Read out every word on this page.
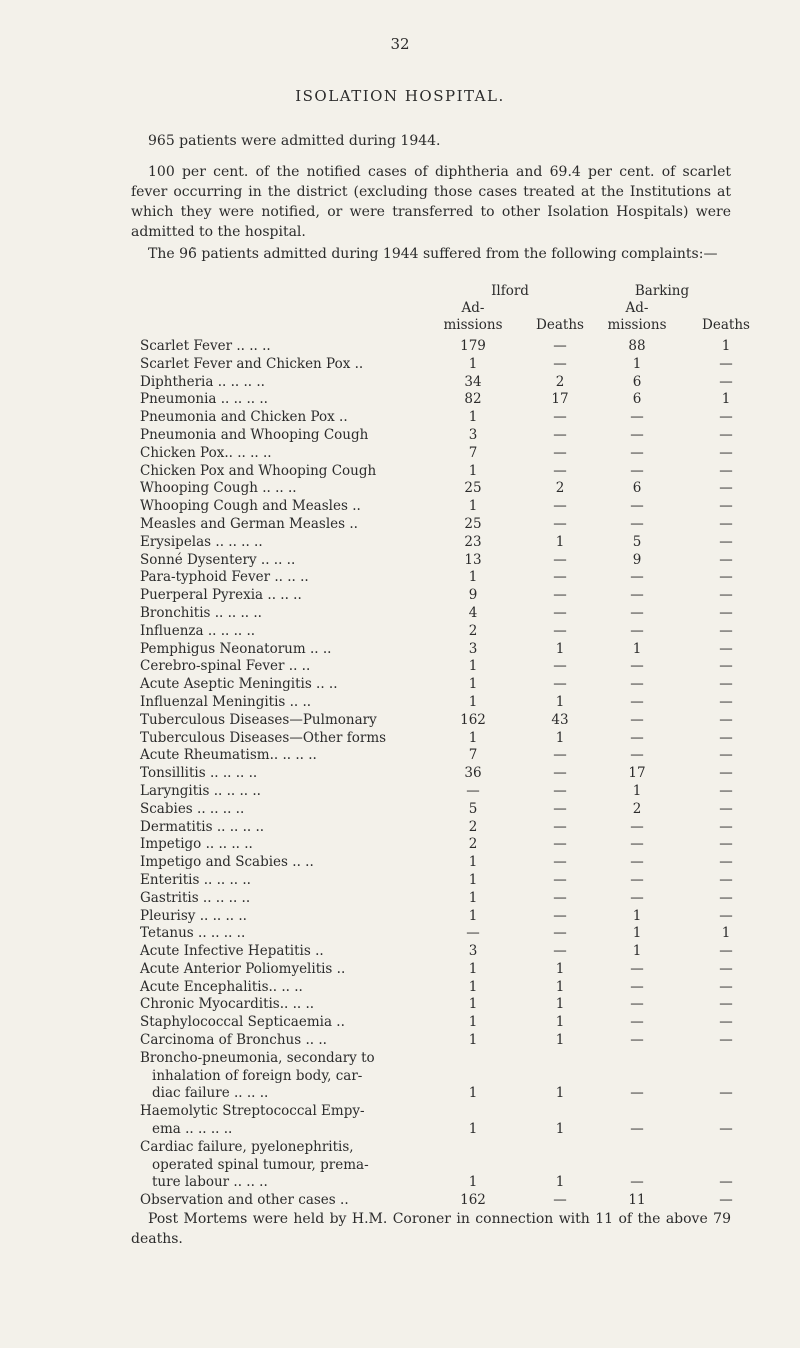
32
ISOLATION HOSPITAL.
965 patients were admitted during 1944.
100 per cent. of the notified cases of diphtheria and 69.4 per cent. of scarlet fever occurring in the district (excluding those cases treated at the Institutions at which they were notified, or were transferred to other Isolation Hospitals) were admitted to the hospital.
The 96̀ patients admitted during 1944 suffered from the following complaints:—
Ilford	Barking
Ad-
missions
	Deaths
Ad-
missions
	Deaths
Scarlet Fever .. .. ..	179	—	88	1
Scarlet Fever and Chicken Pox ..	1	—	1	—
Diphtheria .. .. .. ..	34	2	6	—
Pneumonia .. .. .. ..	82	17	6	1
Pneumonia and Chicken Pox ..	1	—	—	—
Pneumonia and Whooping Cough	3	—	—	—
Chicken Pox.. .. .. ..	7	—	—	—
Chicken Pox and Whooping Cough	1	—	—	—
Whooping Cough .. .. ..	25	2	6	—
Whooping Cough and Measles ..	1	—	—	—
Measles and German Measles ..	25	—	—	—
Erysipelas .. .. .. ..	23	1	5	—
Sonné Dysentery .. .. ..	13	—	9	—
Para-typhoid Fever .. .. ..	1	—	—	—
Puerperal Pyrexia .. .. ..	9	—	—	—
Bronchitis .. .. .. ..	4	—	—	—
Influenza .. .. .. ..	2	—	—	—
Pemphigus Neonatorum .. ..	3	1	1	—
Cerebro-spinal Fever .. ..	1	—	—	—
Acute Aseptic Meningitis .. ..	1	—	—	—
Influenzal Meningitis .. ..	1	1	—	—
Tuberculous Diseases—Pulmonary	162	43	—	—
Tuberculous Diseases—Other forms	1	1	—	—
Acute Rheumatism.. .. .. ..	7	—	—	—
Tonsillitis .. .. .. ..	36	—	17	—
Laryngitis .. .. .. ..	—	—	1	—
Scabies .. .. .. ..	5	—	2	—
Dermatitis .. .. .. ..	2	—	—	—
Impetigo .. .. .. ..	2	—	—	—
Impetigo and Scabies .. ..	1	—	—	—
Enteritis .. .. .. ..	1	—	—	—
Gastritis .. .. .. ..	1	—	—	—
Pleurisy .. .. .. ..	1	—	1	—
Tetanus .. .. .. ..	—	—	1	1
Acute Infective Hepatitis ..	3	—	1	—
Acute Anterior Poliomyelitis ..	1	1	—	—
Acute Encephalitis.. .. ..	1	1	—	—
Chronic Myocarditis.. .. ..	1	1	—	—
Staphylococcal Septicaemia ..	1	1	—	—
Carcinoma of Bronchus .. ..	1	1	—	—
Broncho-pneumonia, secondary to
inhalation of foreign body, car-
diac failure .. .. ..	1	1	—	—
Haemolytic Streptococcal Empy-
ema .. .. .. ..	1	1	—	—
Cardiac failure, pyelonephritis,
operated spinal tumour, prema-
ture labour .. .. ..	1	1	—	—
Observation and other cases ..	162	—	11	—
Post Mortems were held by H.M. Coroner in connection with 11 of the above 79 deaths.
